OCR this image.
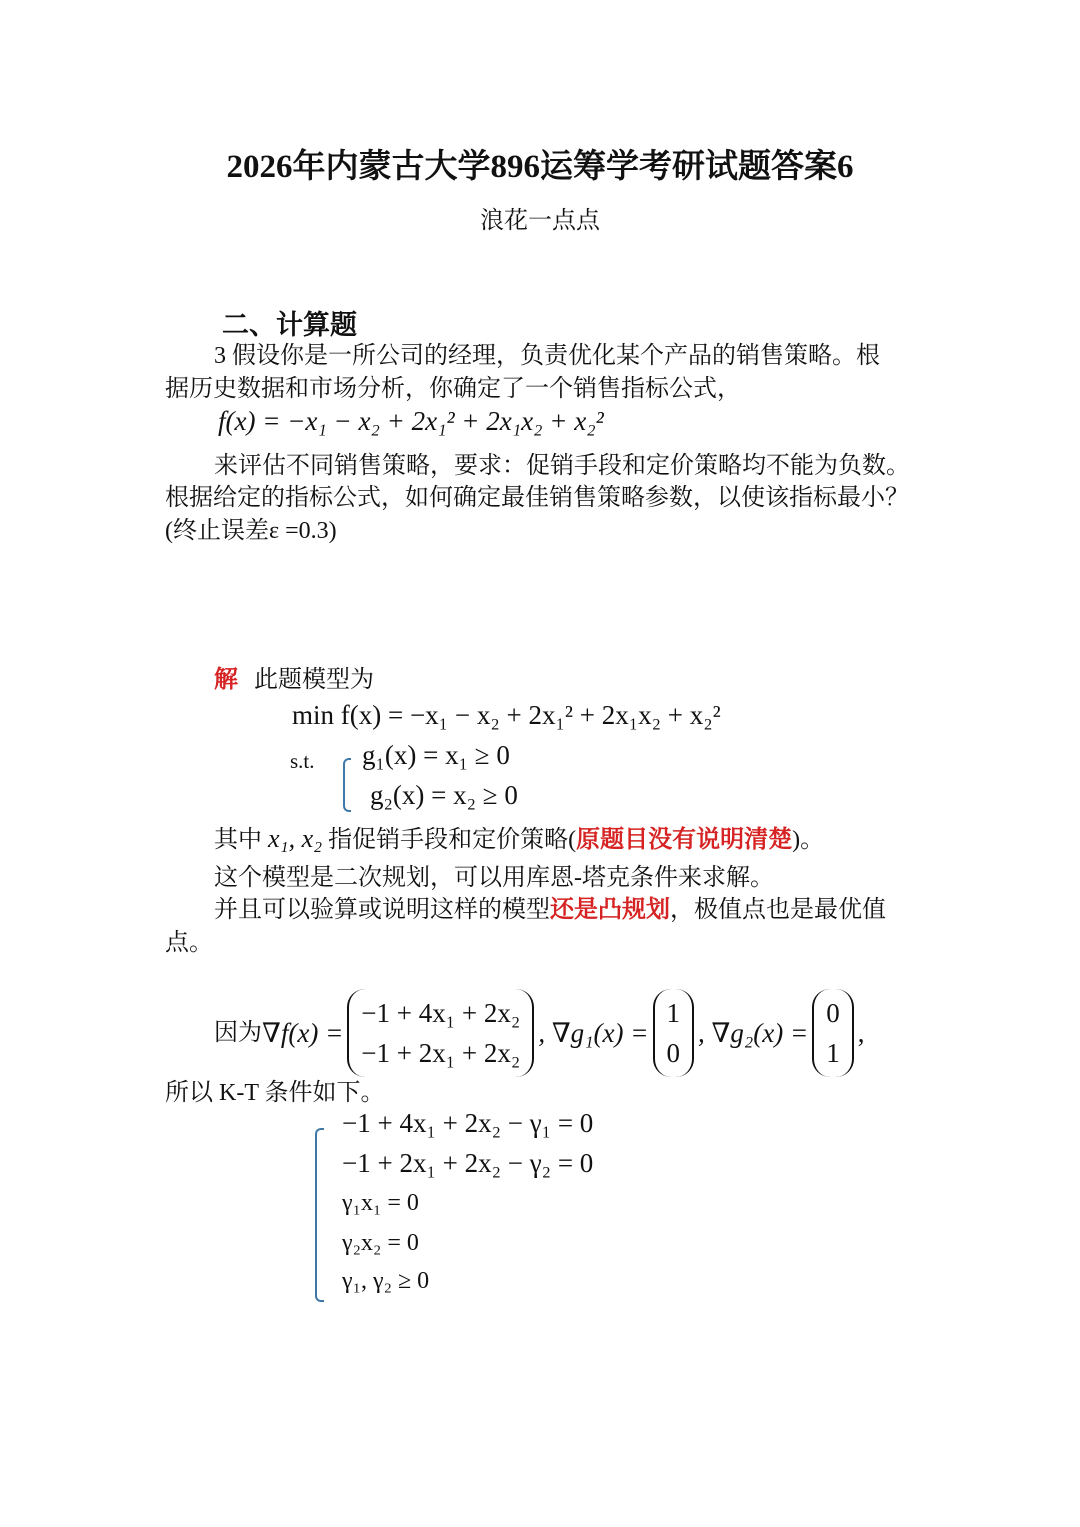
2026年内蒙古大学896运筹学考研试题答案6
浪花一点点
二、计算题
3 假设你是一所公司的经理，负责优化某个产品的销售策略。根
据历史数据和市场分析，你确定了一个销售指标公式，
f(x) = −x₁ − x₂ + 2x₁² + 2x₁x₂ + x₂²
来评估不同销售策略，要求：促销手段和定价策略均不能为负数。
根据给定的指标公式，如何确定最佳销售策略参数，以使该指标最小？
(终止误差ε =0.3)
解 此题模型为
min f(x) = −x₁ − x₂ + 2x₁² + 2x₁x₂ + x₂²
s.t. g₁(x) = x₁ ≥ 0
g₂(x) = x₂ ≥ 0
其中 x₁, x₂ 指促销手段和定价策略(原题目没有说明清楚)。
这个模型是二次规划，可以用库恩-塔克条件来求解。
并且可以验算或说明这样的模型还是凸规划，极值点也是最优值
点。
因为 ∇f(x) =
−1 + 4x₁ + 2x₂
−1 + 2x₁ + 2x₂
, ∇g₁(x) =
1
0
, ∇g₂(x) =
0
1
,
所以 K-T 条件如下。
−1 + 4x₁ + 2x₂ − γ₁ = 0
−1 + 2x₁ + 2x₂ − γ₂ = 0
γ₁x₁ = 0
γ₂x₂ = 0
γ₁, γ₂ ≥ 0
